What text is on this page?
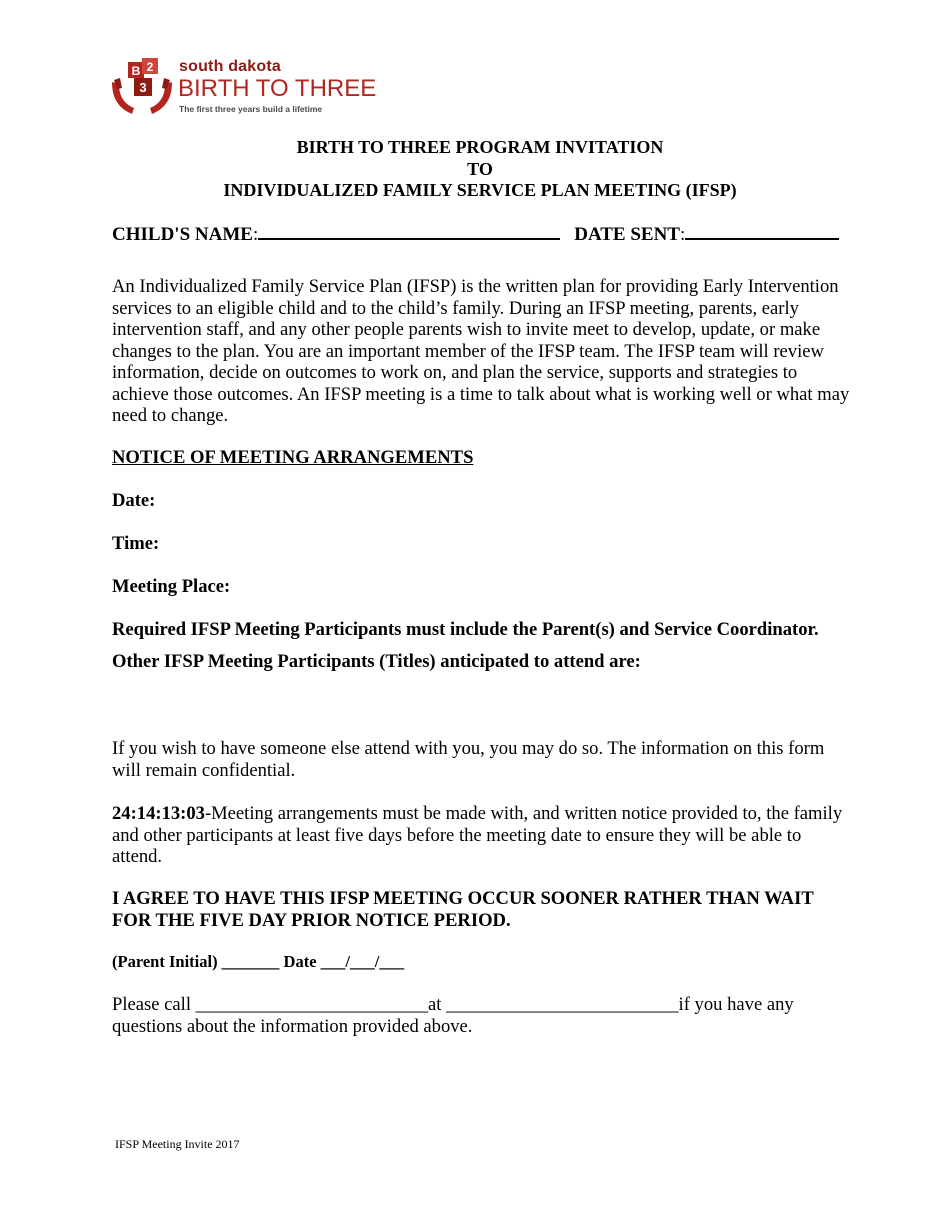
B 2
3
south dakota
BIRTH TO THREE
The first three years build a lifetime
BIRTH TO THREE PROGRAM INVITATION
TO
INDIVIDUALIZED FAMILY SERVICE PLAN MEETING (IFSP)
CHILD'S NAME:	DATE SENT:
An Individualized Family Service Plan (IFSP) is the written plan for providing Early Intervention services to an eligible child and to the child’s family. During an IFSP meeting, parents, early intervention staff, and any other people parents wish to invite meet to develop, update, or make changes to the plan. You are an important member of the IFSP team. The IFSP team will review information, decide on outcomes to work on, and plan the service, supports and strategies to achieve those outcomes. An IFSP meeting is a time to talk about what is working well or what may need to change.
NOTICE OF MEETING ARRANGEMENTS
Date:
Time:
Meeting Place:
Required IFSP Meeting Participants must include the Parent(s) and Service Coordinator.
Other IFSP Meeting Participants (Titles) anticipated to attend are:
If you wish to have someone else attend with you, you may do so. The information on this form will remain confidential.
24:14:13:03-Meeting arrangements must be made with, and written notice provided to, the family and other participants at least five days before the meeting date to ensure they will be able to attend.
I AGREE TO HAVE THIS IFSP MEETING OCCUR SOONER RATHER THAN WAIT FOR THE FIVE DAY PRIOR NOTICE PERIOD.
(Parent Initial) _______ Date ___/___/___
Please call _________________________at _________________________if you have any
questions about the information provided above.
IFSP Meeting Invite 2017
